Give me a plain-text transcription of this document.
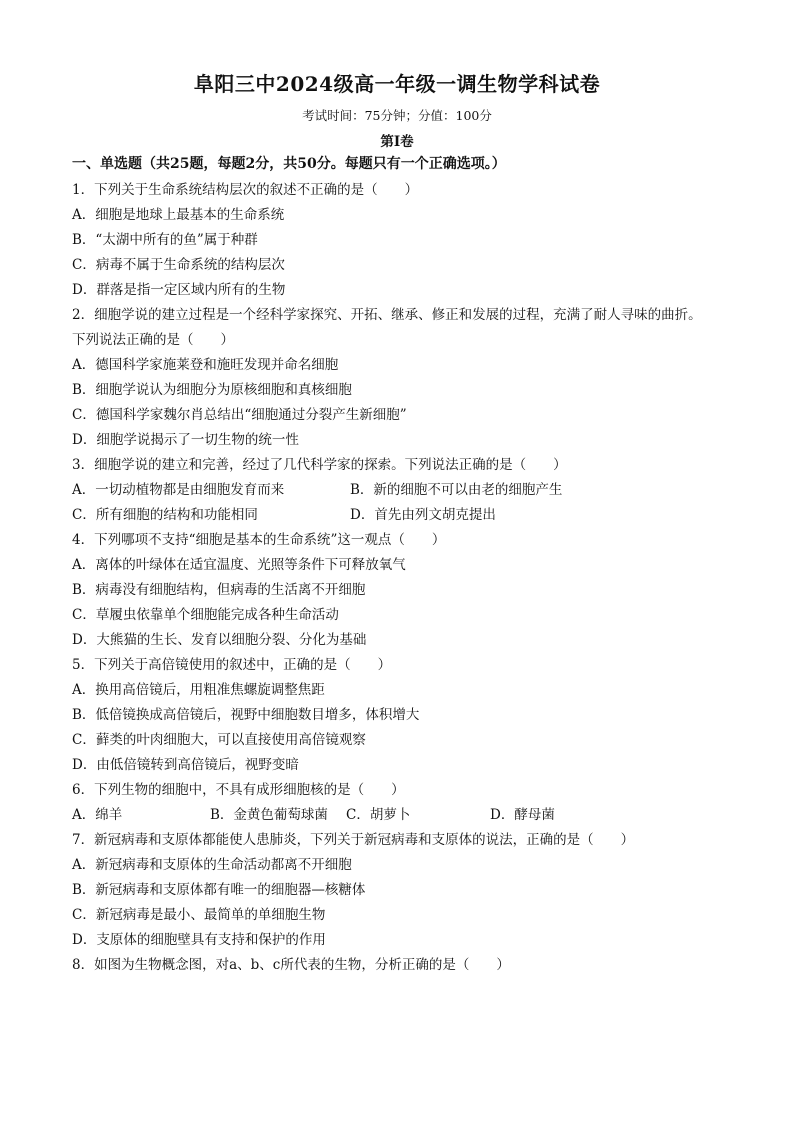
阜阳三中2024级高一年级一调生物学科试卷
考试时间：75分钟；分值：100分
第Ⅰ卷
一、单选题（共25题，每题2分，共50分。每题只有一个正确选项。）
1．下列关于生命系统结构层次的叙述不正确的是（　　）
A．细胞是地球上最基本的生命系统
B．“太湖中所有的鱼”属于种群
C．病毒不属于生命系统的结构层次
D．群落是指一定区域内所有的生物
2．细胞学说的建立过程是一个经科学家探究、开拓、继承、修正和发展的过程，充满了耐人寻味的曲折。
下列说法正确的是（　　）
A．德国科学家施莱登和施旺发现并命名细胞
B．细胞学说认为细胞分为原核细胞和真核细胞
C．德国科学家魏尔肖总结出“细胞通过分裂产生新细胞”
D．细胞学说揭示了一切生物的统一性
3．细胞学说的建立和完善，经过了几代科学家的探索。下列说法正确的是（　　）
A．一切动植物都是由细胞发育而来	B．新的细胞不可以由老的细胞产生
C．所有细胞的结构和功能相同	D．首先由列文胡克提出
4．下列哪项不支持“细胞是基本的生命系统”这一观点（　　）
A．离体的叶绿体在适宜温度、光照等条件下可释放氧气
B．病毒没有细胞结构，但病毒的生活离不开细胞
C．草履虫依靠单个细胞能完成各种生命活动
D．大熊猫的生长、发育以细胞分裂、分化为基础
5．下列关于高倍镜使用的叙述中，正确的是（　　）
A．换用高倍镜后，用粗准焦螺旋调整焦距
B．低倍镜换成高倍镜后，视野中细胞数目增多，体积增大
C．藓类的叶肉细胞大，可以直接使用高倍镜观察
D．由低倍镜转到高倍镜后，视野变暗
6．下列生物的细胞中，不具有成形细胞核的是（　　）
A．绵羊	B．金黄色葡萄球菌 C．胡萝卜	D．酵母菌
7．新冠病毒和支原体都能使人患肺炎，下列关于新冠病毒和支原体的说法，正确的是（　　）
A．新冠病毒和支原体的生命活动都离不开细胞
B．新冠病毒和支原体都有唯一的细胞器—核糖体
C．新冠病毒是最小、最简单的单细胞生物
D．支原体的细胞壁具有支持和保护的作用
8．如图为生物概念图，对a、b、c所代表的生物，分析正确的是（　　）
